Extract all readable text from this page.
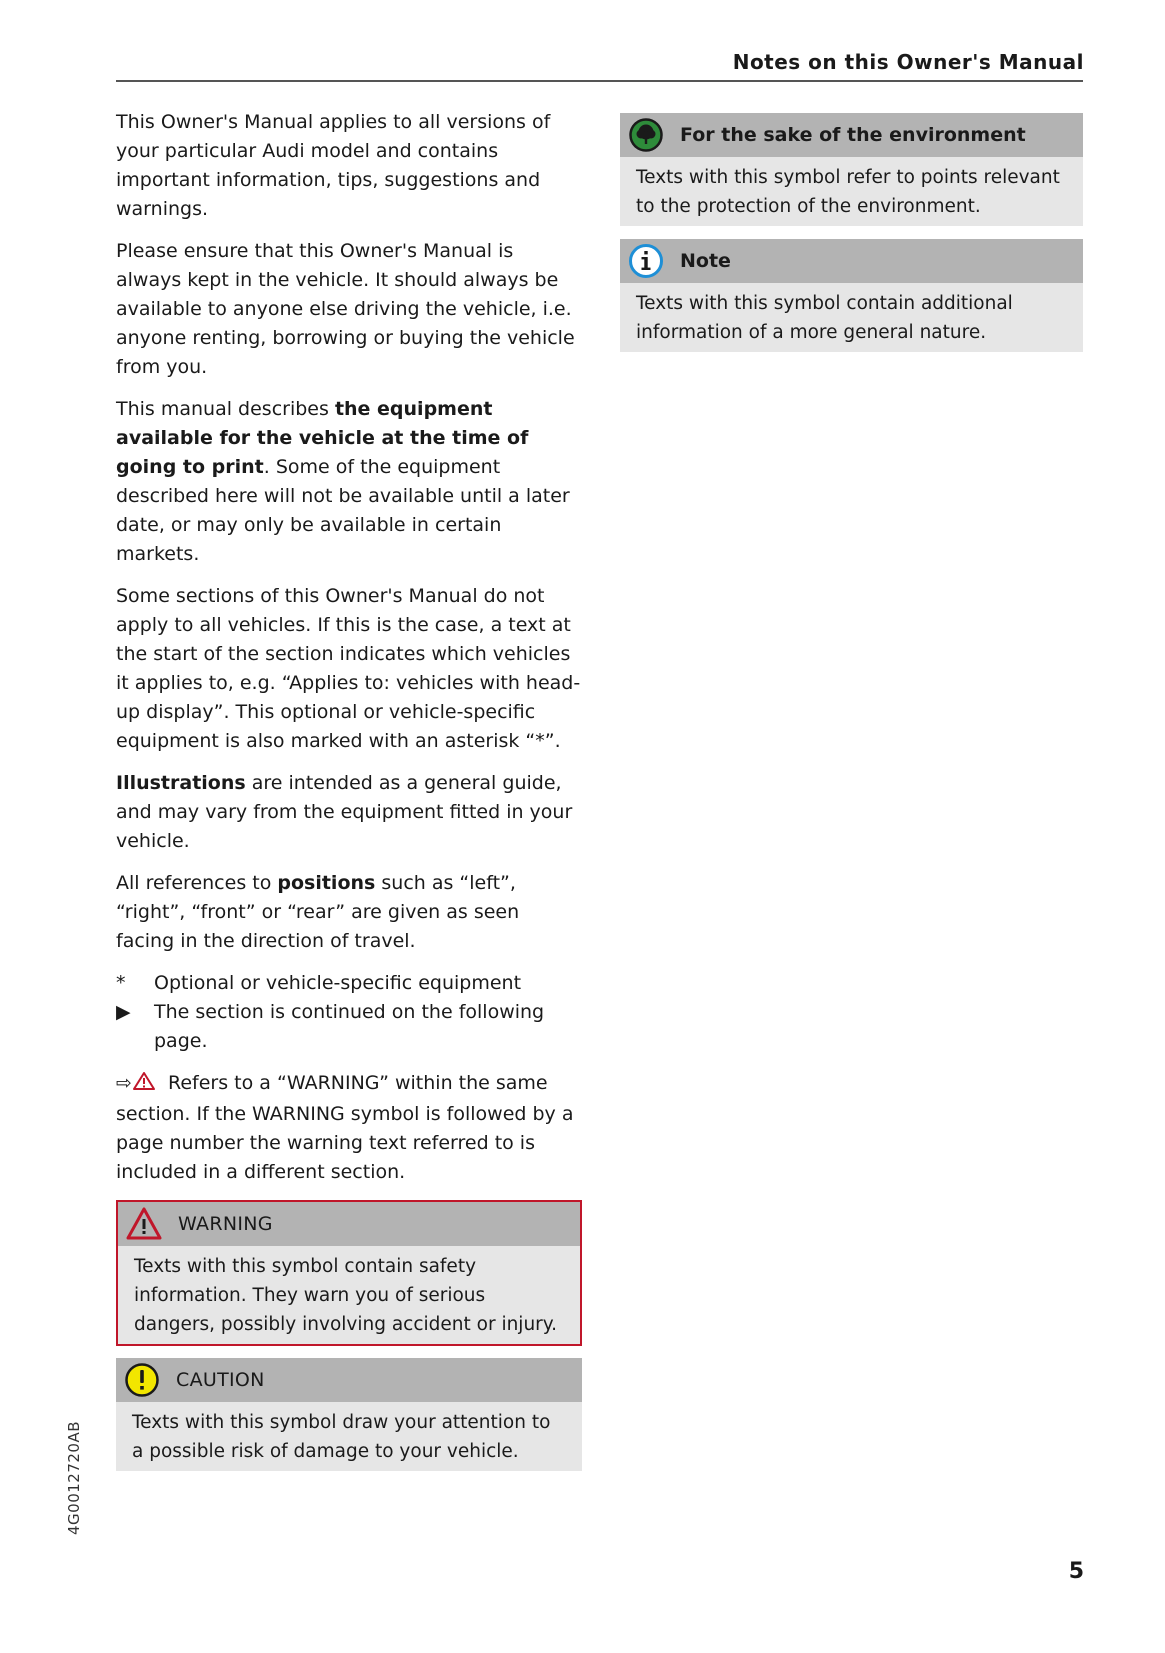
Notes on this Owner's Manual

This Owner's Manual applies to all versions of your particular Audi model and contains important information, tips, suggestions and warnings.

Please ensure that this Owner's Manual is always kept in the vehicle. It should always be available to anyone else driving the vehicle, i.e. anyone renting, borrowing or buying the vehicle from you.

This manual describes the equipment available for the vehicle at the time of going to print. Some of the equipment described here will not be available until a later date, or may only be available in certain markets.

Some sections of this Owner's Manual do not apply to all vehicles. If this is the case, a text at the start of the section indicates which vehicles it applies to, e.g. “Applies to: vehicles with head-up display”. This optional or vehicle-specific equipment is also marked with an asterisk “*”.

Illustrations are intended as a general guide, and may vary from the equipment fitted in your vehicle.

All references to positions such as “left”, “right”, “front” or “rear” are given as seen facing in the direction of travel.

*	Optional or vehicle-specific equipment
▶	The section is continued on the following page.

⇨ Refers to a “WARNING” within the same section. If the WARNING symbol is followed by a page number the warning text referred to is included in a different section.

WARNING
Texts with this symbol contain safety information. They warn you of serious dangers, possibly involving accident or injury.
CAUTION
Texts with this symbol draw your attention to a possible risk of damage to your vehicle.
For the sake of the environment
Texts with this symbol refer to points relevant to the protection of the environment.
Note
Texts with this symbol contain additional information of a more general nature.
4G0012720AB
5
